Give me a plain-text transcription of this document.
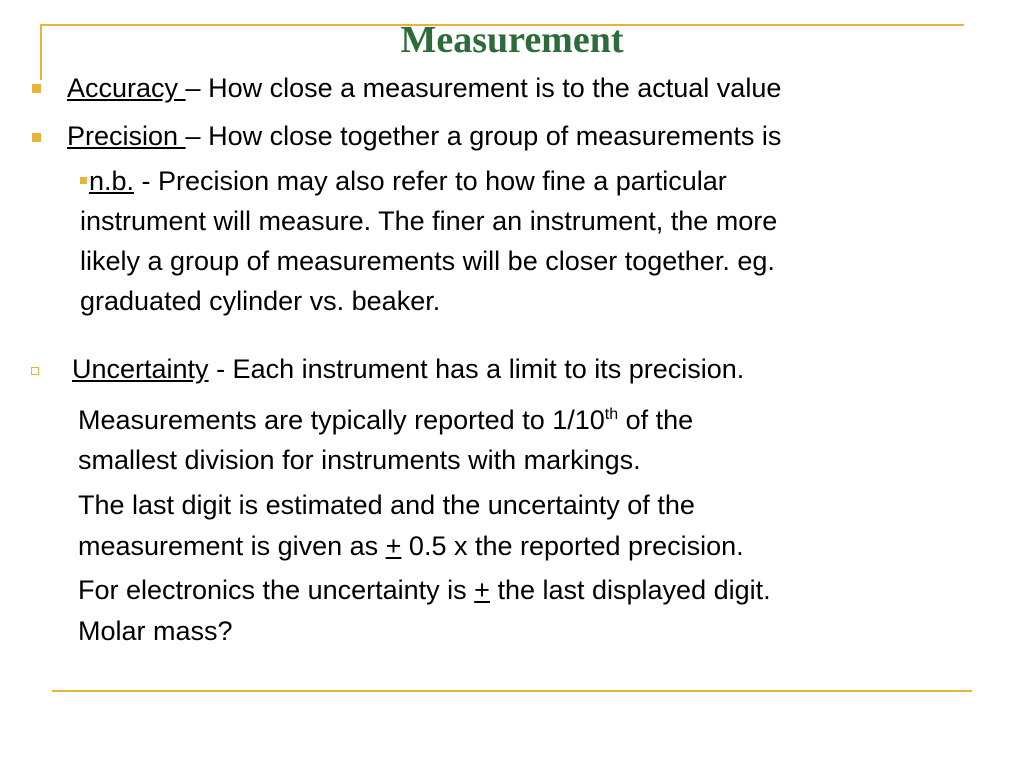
Measurement
Accuracy – How close a measurement is to the actual value
Precision – How close together a group of measurements is
n.b. - Precision may also refer to how fine a particular
instrument will measure. The finer an instrument, the more
likely a group of measurements will be closer together. eg.
graduated cylinder vs. beaker.
Uncertainty - Each instrument has a limit to its precision.
Measurements are typically reported to 1/10th of the
smallest division for instruments with markings.
The last digit is estimated and the uncertainty of the
measurement is given as + 0.5 x the reported precision.
For electronics the uncertainty is + the last displayed digit.
Molar mass?
